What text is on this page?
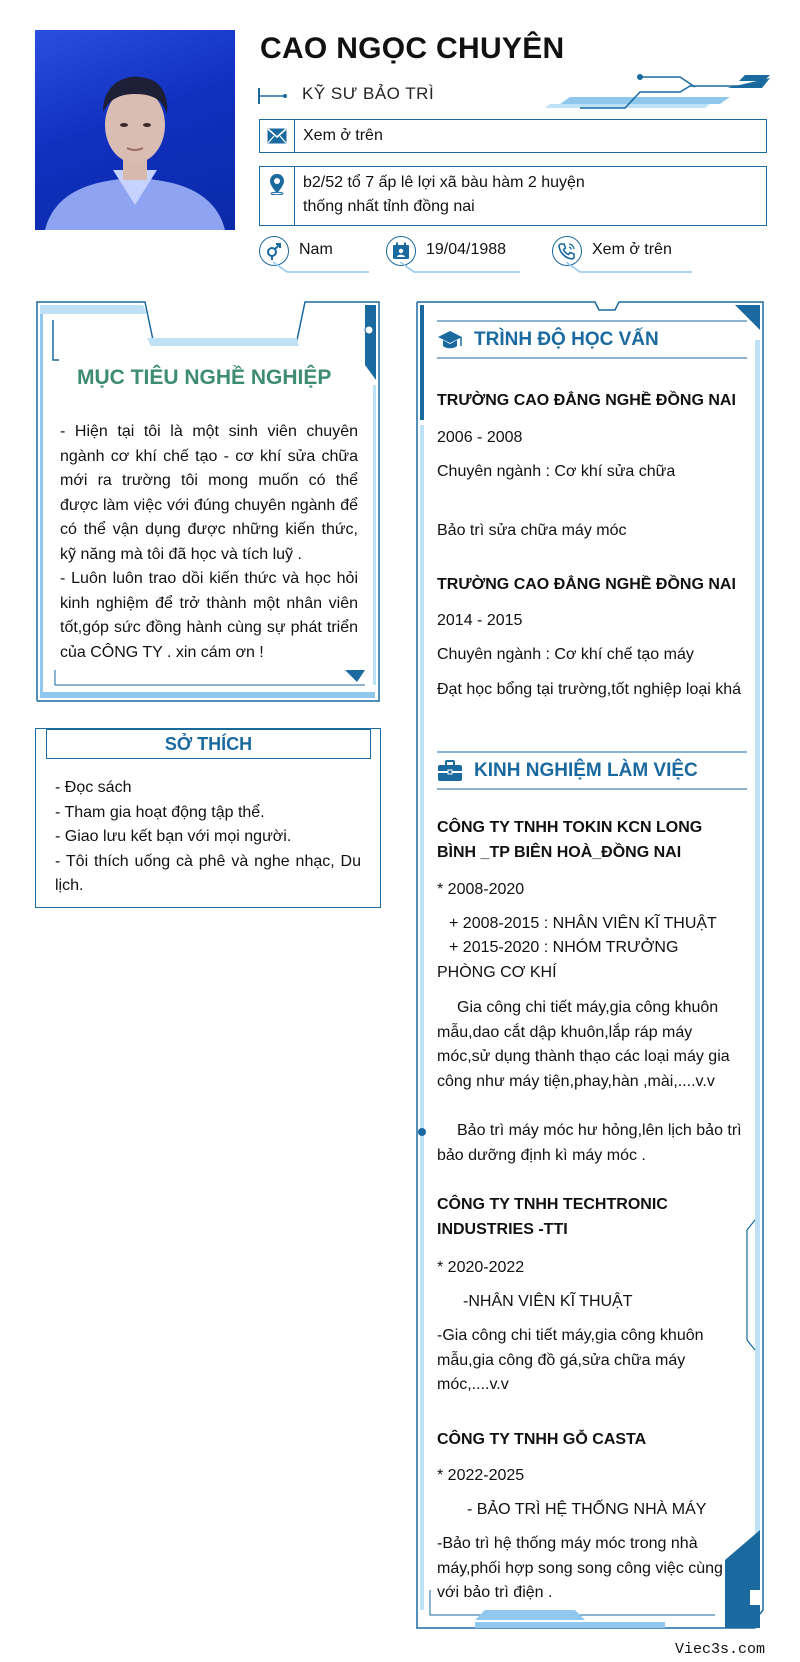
CAO NGỌC CHUYÊN
KỸ SƯ BẢO TRÌ
Xem ở trên
b2/52 tổ 7 ấp lê lợi xã bàu hàm 2 huyện thống nhất tỉnh đồng nai
Nam	19/04/1988	Xem ở trên
MỤC TIÊU NGHỀ NGHIỆP
- Hiện tại tôi là một sinh viên chuyên ngành cơ khí chế tạo - cơ khí sửa chữa mới ra trường tôi mong muốn có thể được làm việc với đúng chuyên ngành để có thể vận dụng được những kiến thức, kỹ năng mà tôi đã học và tích luỹ .
- Luôn luôn trao dồi kiến thức và học hỏi kinh nghiệm để trở thành một nhân viên tốt,góp sức đồng hành cùng sự phát triển của CÔNG TY . xin cám ơn !
SỞ THÍCH
- Đọc sách
- Tham gia hoạt động tập thể.
- Giao lưu kết bạn với mọi người.
- Tôi thích uống cà phê và nghe nhạc, Du lịch.
TRÌNH ĐỘ HỌC VẤN
TRƯỜNG CAO ĐẲNG NGHỀ ĐỒNG NAI
2006 - 2008
Chuyên ngành : Cơ khí sửa chữa
Bảo trì sửa chữa máy móc
TRƯỜNG CAO ĐẲNG NGHỀ ĐỒNG NAI
2014 - 2015
Chuyên ngành : Cơ khí chế tạo máy
Đạt học bổng tại trường,tốt nghiệp loại khá
KINH NGHIỆM LÀM VIỆC
CÔNG TY TNHH TOKIN KCN LONG BÌNH _TP BIÊN HOÀ_ĐỒNG NAI
* 2008-2020
+ 2008-2015 : NHÂN VIÊN KĨ THUẬT
+ 2015-2020 : NHÓM TRƯỞNG PHÒNG CƠ KHÍ
Gia công chi tiết máy,gia công khuôn mẫu,dao cắt dập khuôn,lắp ráp máy móc,sử dụng thành thạo các loại máy gia công như máy tiện,phay,hàn ,mài,....v.v
Bảo trì máy móc hư hỏng,lên lịch bảo trì bảo dưỡng định kì máy móc .
CÔNG TY TNHH TECHTRONIC INDUSTRIES -TTI
* 2020-2022
-NHÂN VIÊN KĨ THUẬT
-Gia công chi tiết máy,gia công khuôn mẫu,gia công đồ gá,sửa chữa máy móc,....v.v
CÔNG TY TNHH GỖ CASTA
* 2022-2025
- BẢO TRÌ HỆ THỐNG NHÀ MÁY
-Bảo trì hệ thống máy móc trong nhà máy,phối hợp song song công việc cùng với bảo trì điện .
Viec3s.com
